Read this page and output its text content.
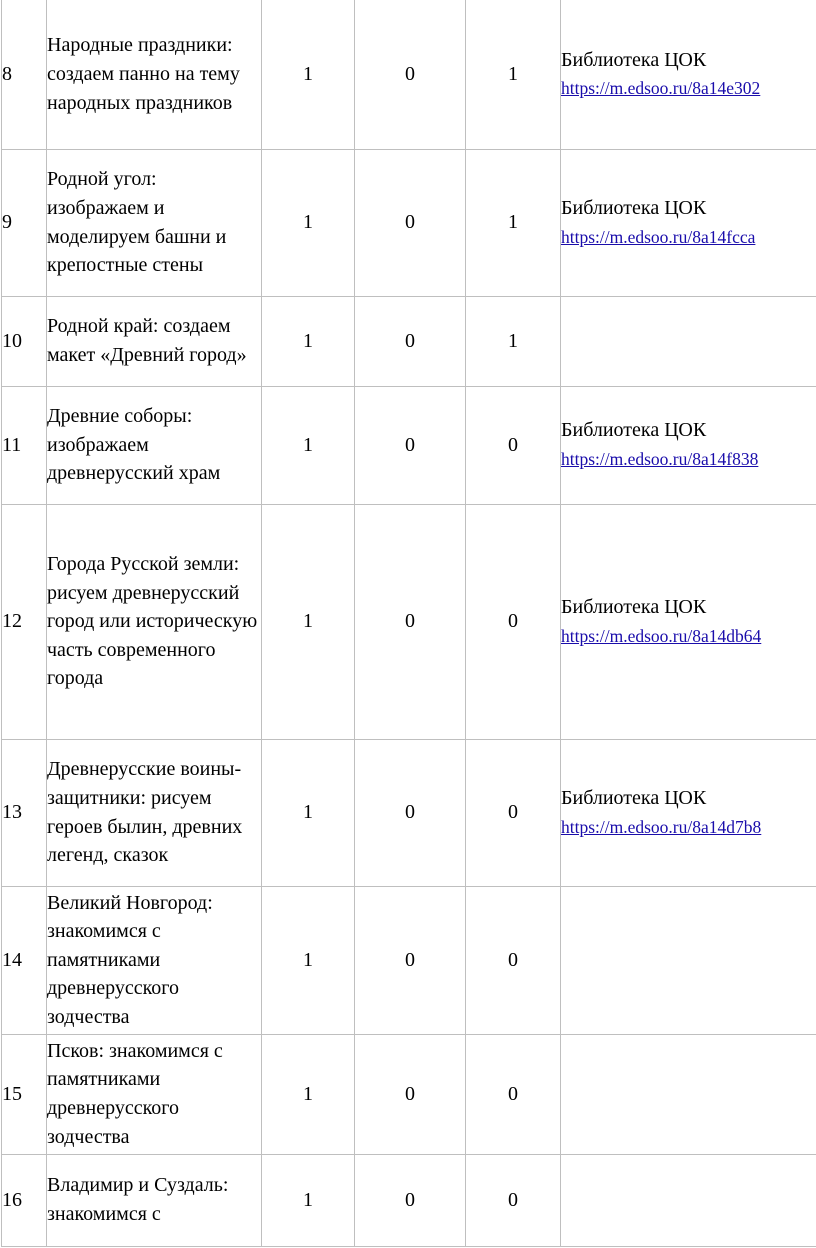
8	Народные праздники: создаем панно на тему народных праздников	1	0	1	Библиотека ЦОК
https://m.edsoo.ru/8a14e302
9	Родной угол: изображаем и моделируем башни и крепостные стены	1	0	1	Библиотека ЦОК
https://m.edsoo.ru/8a14fcca
10	Родной край: создаем макет «Древний город»	1	0	1	
11	Древние соборы: изображаем древнерусский храм	1	0	0	Библиотека ЦОК
https://m.edsoo.ru/8a14f838
12	Города Русской земли: рисуем древнерусский город или историческую часть современного города	1	0	0	Библиотека ЦОК
https://m.edsoo.ru/8a14db64
13	Древнерусские воины-защитники: рисуем героев былин, древних легенд, сказок	1	0	0	Библиотека ЦОК
https://m.edsoo.ru/8a14d7b8
14	Великий Новгород: знакомимся с памятниками древнерусского зодчества	1	0	0	
15	Псков: знакомимся с памятниками древнерусского зодчества	1	0	0	
16	Владимир и Суздаль: знакомимся с	1	0	0	
